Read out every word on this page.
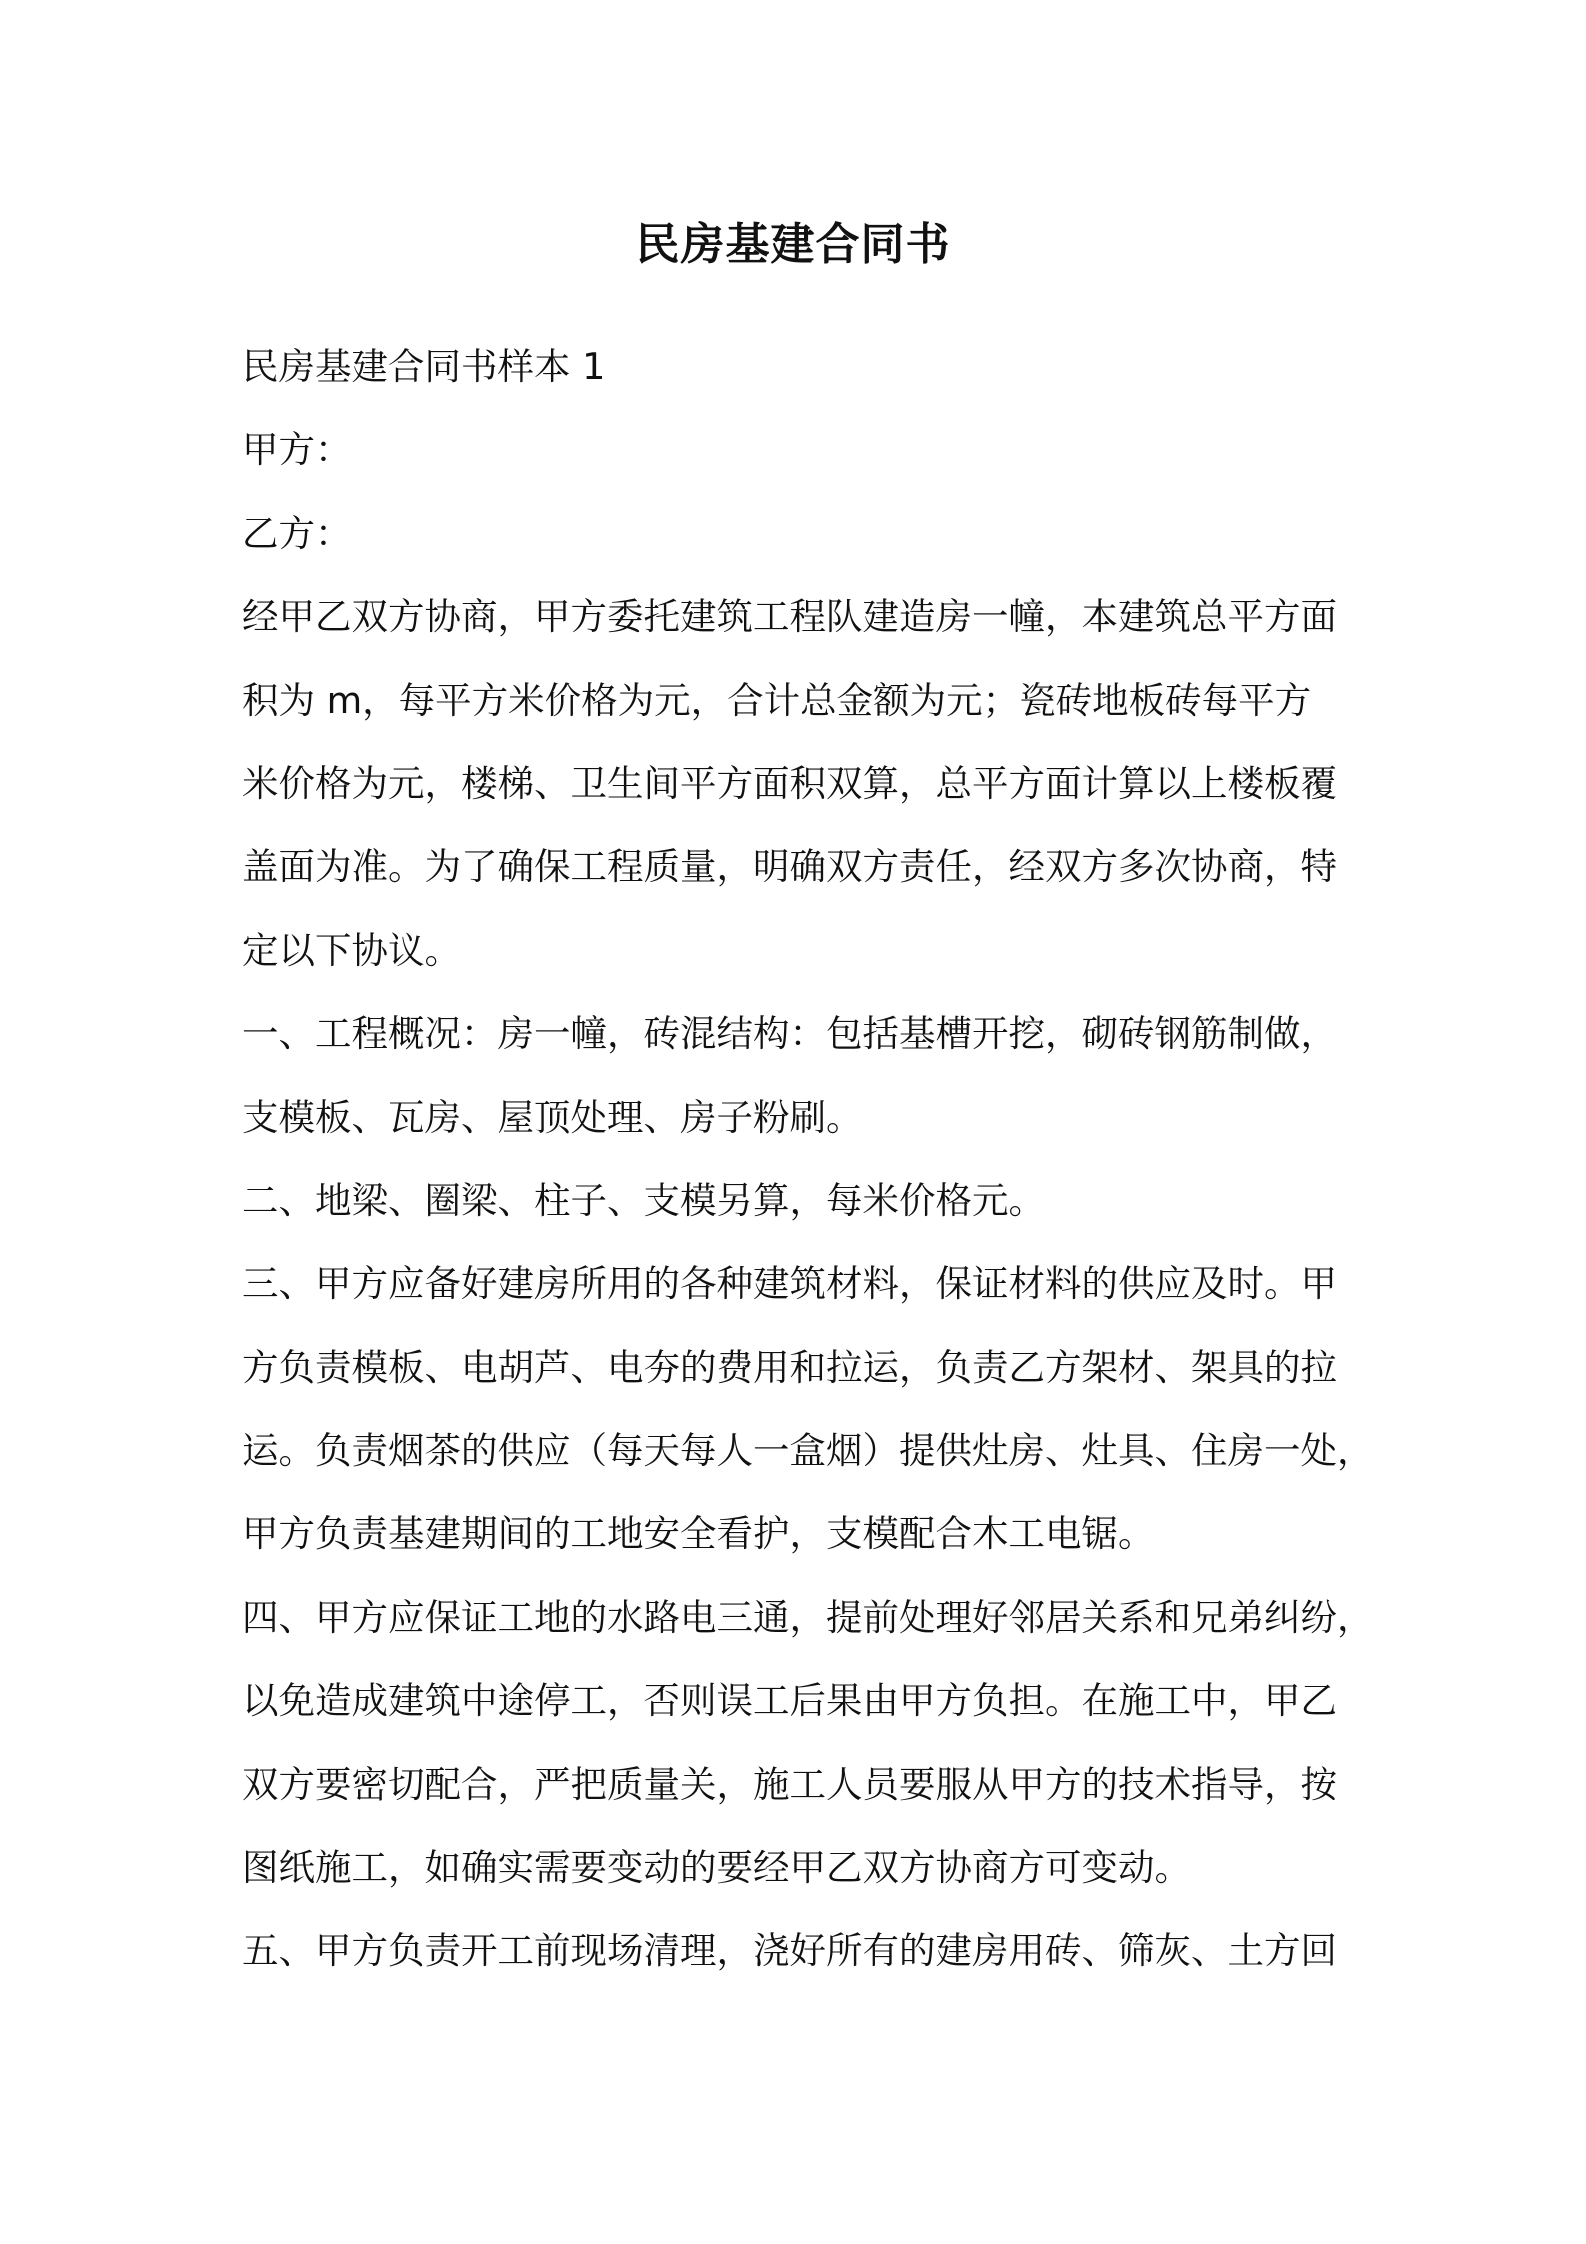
民房基建合同书
民房基建合同书样本 1
甲方：
乙方：
经甲乙双方协商，甲方委托建筑工程队建造房一幢，本建筑总平方面
积为 m，每平方米价格为元，合计总金额为元；瓷砖地板砖每平方
米价格为元，楼梯、卫生间平方面积双算，总平方面计算以上楼板覆
盖面为准。为了确保工程质量，明确双方责任，经双方多次协商，特
定以下协议。
一、工程概况：房一幢，砖混结构：包括基槽开挖，砌砖钢筋制做，
支模板、瓦房、屋顶处理、房子粉刷。
二、地梁、圈梁、柱子、支模另算，每米价格元。
三、甲方应备好建房所用的各种建筑材料，保证材料的供应及时。甲
方负责模板、电胡芦、电夯的费用和拉运，负责乙方架材、架具的拉
运。负责烟茶的供应（每天每人一盒烟）提供灶房、灶具、住房一处，
甲方负责基建期间的工地安全看护，支模配合木工电锯。
四、甲方应保证工地的水路电三通，提前处理好邻居关系和兄弟纠纷，
以免造成建筑中途停工，否则误工后果由甲方负担。在施工中，甲乙
双方要密切配合，严把质量关，施工人员要服从甲方的技术指导，按
图纸施工，如确实需要变动的要经甲乙双方协商方可变动。
五、甲方负责开工前现场清理，浇好所有的建房用砖、筛灰、土方回
